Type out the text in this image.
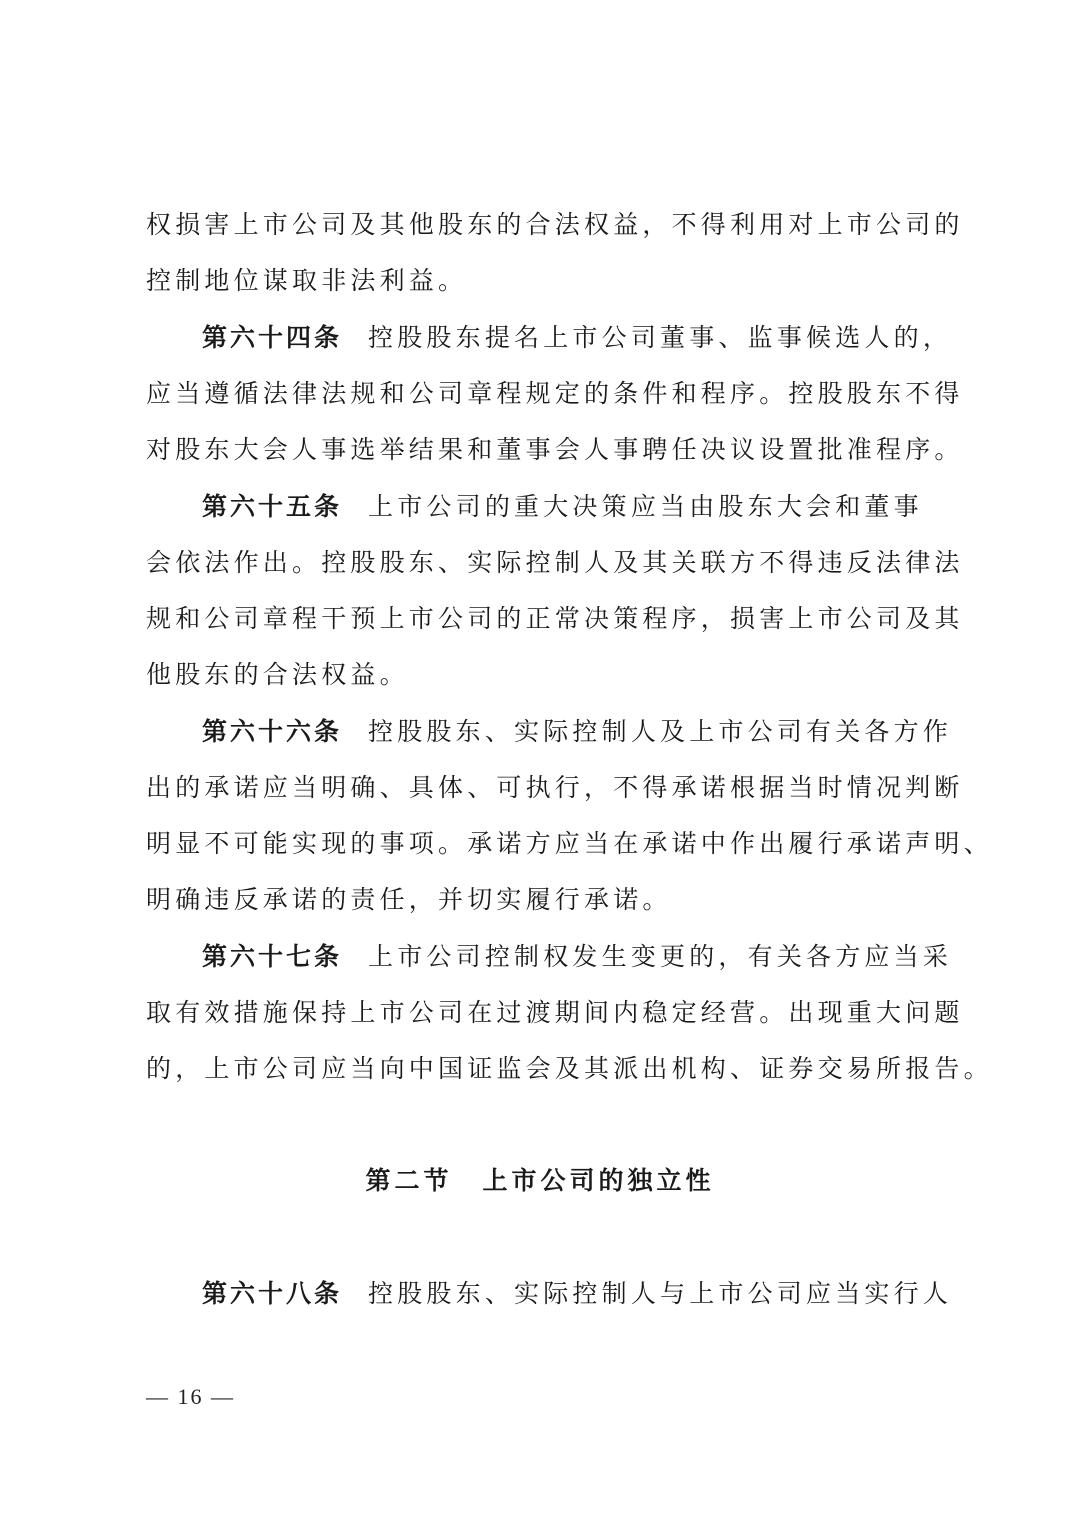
权损害上市公司及其他股东的合法权益，不得利用对上市公司的
控制地位谋取非法利益。
第六十四条 控股股东提名上市公司董事、监事候选人的，
应当遵循法律法规和公司章程规定的条件和程序。控股股东不得
对股东大会人事选举结果和董事会人事聘任决议设置批准程序。
第六十五条 上市公司的重大决策应当由股东大会和董事
会依法作出。控股股东、实际控制人及其关联方不得违反法律法
规和公司章程干预上市公司的正常决策程序，损害上市公司及其
他股东的合法权益。
第六十六条 控股股东、实际控制人及上市公司有关各方作
出的承诺应当明确、具体、可执行，不得承诺根据当时情况判断
明显不可能实现的事项。承诺方应当在承诺中作出履行承诺声明、
明确违反承诺的责任，并切实履行承诺。
第六十七条 上市公司控制权发生变更的，有关各方应当采
取有效措施保持上市公司在过渡期间内稳定经营。出现重大问题
的，上市公司应当向中国证监会及其派出机构、证券交易所报告。
第二节 上市公司的独立性
第六十八条 控股股东、实际控制人与上市公司应当实行人
— 16 —
